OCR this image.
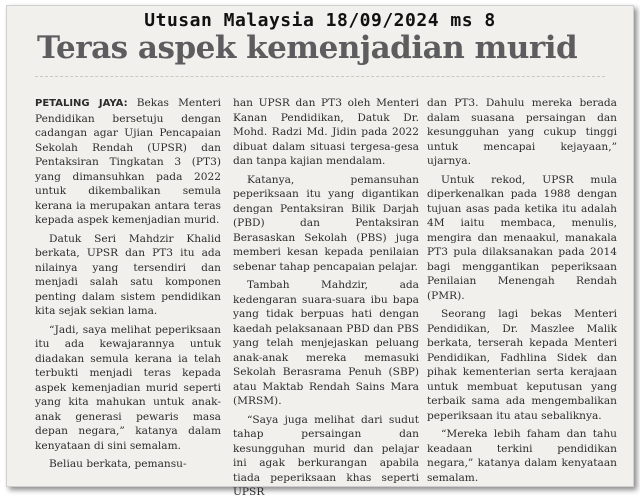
Utusan Malaysia 18/09/2024 ms 8
Teras aspek kemenjadian murid

PETALING JAYA: Bekas Menteri Pendidikan bersetuju dengan cadangan agar Ujian Pencapaian Sekolah Rendah (UPSR) dan Pentaksiran Tingkatan 3 (PT3) yang dimansuhkan pada 2022 untuk dikembalikan semula kerana ia merupakan antara teras kepada aspek kemenjadian murid.

Datuk Seri Mahdzir Khalid berkata, UPSR dan PT3 itu ada nilainya yang tersendiri dan menjadi salah satu komponen penting dalam sistem pendidikan kita sejak sekian lama.

“Jadi, saya melihat peperiksaan itu ada kewajarannya untuk diadakan semula kerana ia telah terbukti menjadi teras kepada aspek kemenjadian murid seperti yang kita mahukan untuk anak-anak generasi pewaris masa depan negara,” katanya dalam kenyataan di sini semalam.

Beliau berkata, pemansu-

han UPSR dan PT3 oleh Menteri Kanan Pendidikan, Datuk Dr. Mohd. Radzi Md. Jidin pada 2022 dibuat dalam situasi tergesa-gesa dan tanpa kajian mendalam.

Katanya, pemansuhan peperiksaan itu yang digantikan dengan Pentaksiran Bilik Darjah (PBD) dan Pentaksiran Berasaskan Sekolah (PBS) juga memberi kesan kepada penilaian sebenar tahap pencapaian pelajar.

Tambah Mahdzir, ada kedengaran suara-suara ibu bapa yang tidak berpuas hati dengan kaedah pelaksanaan PBD dan PBS yang telah menjejaskan peluang anak-anak mereka memasuki Sekolah Berasrama Penuh (SBP) atau Maktab Rendah Sains Mara (MRSM).

“Saya juga melihat dari sudut tahap persaingan dan kesungguhan murid dan pelajar ini agak berkurangan apabila tiada peperiksaan khas seperti UPSR

dan PT3. Dahulu mereka berada dalam suasana persaingan dan kesungguhan yang cukup tinggi untuk mencapai kejayaan,” ujarnya.

Untuk rekod, UPSR mula diperkenalkan pada 1988 dengan tujuan asas pada ketika itu adalah 4M iaitu membaca, menulis, mengira dan menaakul, manakala PT3 pula dilaksanakan pada 2014 bagi menggantikan peperiksaan Penilaian Menengah Rendah (PMR).

Seorang lagi bekas Menteri Pendidikan, Dr. Maszlee Malik berkata, terserah kepada Menteri Pendidikan, Fadhlina Sidek dan pihak kementerian serta kerajaan untuk membuat keputusan yang terbaik sama ada mengembalikan peperiksaan itu atau sebaliknya.

“Mereka lebih faham dan tahu keadaan terkini pendidikan negara,” katanya dalam kenyataan semalam.
